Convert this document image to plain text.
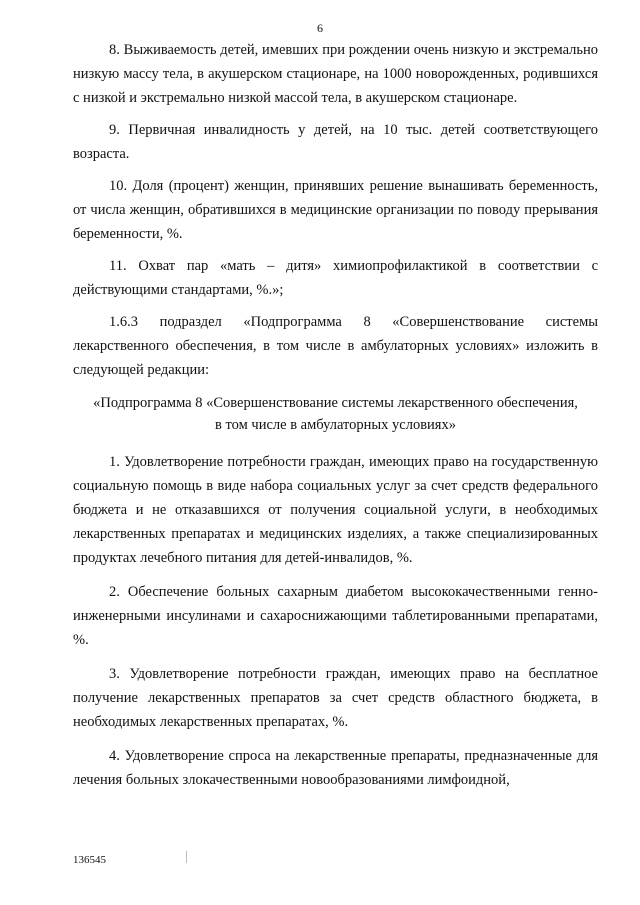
6

8. Выживаемость детей, имевших при рождении очень низкую и экстремально низкую массу тела, в акушерском стационаре, на 1000 новорожденных, родившихся с низкой и экстремально низкой массой тела, в акушерском стационаре.

9. Первичная инвалидность у детей, на 10 тыс. детей соответствующего возраста.

10. Доля (процент) женщин, принявших решение вынашивать беременность, от числа женщин, обратившихся в медицинские организации по поводу прерывания беременности, %.

11. Охват пар «мать – дитя» химиопрофилактикой в соответствии с действующими стандартами, %.»;

1.6.3 подраздел «Подпрограмма 8 «Совершенствование системы лекарственного обеспечения, в том числе в амбулаторных условиях» изложить в следующей редакции:

«Подпрограмма 8 «Совершенствование системы лекарственного обеспечения, в том числе в амбулаторных условиях»

1. Удовлетворение потребности граждан, имеющих право на государственную социальную помощь в виде набора социальных услуг за счет средств федерального бюджета и не отказавшихся от получения социальной услуги, в необходимых лекарственных препаратах и медицинских изделиях, а также специализированных продуктах лечебного питания для детей-инвалидов, %.

2. Обеспечение больных сахарным диабетом высококачественными генно-инженерными инсулинами и сахароснижающими таблетированными препаратами, %.

3. Удовлетворение потребности граждан, имеющих право на бесплатное получение лекарственных препаратов за счет средств областного бюджета, в необходимых лекарственных препаратах, %.

4. Удовлетворение спроса на лекарственные препараты, предназначенные для лечения больных злокачественными новообразованиями лимфоидной,

136545
